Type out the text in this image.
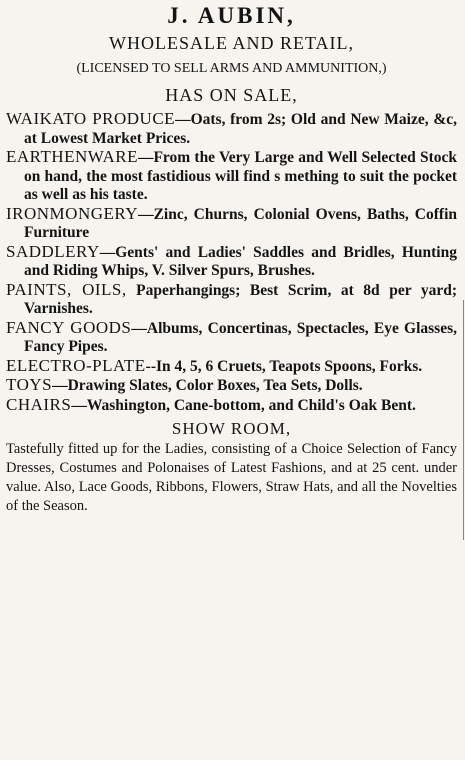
J. AUBIN,

WHOLESALE AND RETAIL,

(LICENSED TO SELL ARMS AND AMMUNITION,)

HAS ON SALE,

WAIKATO PRODUCE—Oats, from 2s; Old and New Maize, &c, at Lowest Market Prices.

EARTHENWARE—From the Very Large and Well Selected Stock on hand, the most fastidious will find s mething to suit the pocket as well as his taste.

IRONMONGERY—Zinc, Churns, Colonial Ovens, Baths, Coffin Furniture

SADDLERY—Gents' and Ladies' Saddles and Bridles, Hunting and Riding Whips, V. Silver Spurs, Brushes.

PAINTS, OILS, Paperhangings; Best Scrim, at 8d per yard; Varnishes.

FANCY GOODS—Albums, Concertinas, Spectacles, Eye Glasses, Fancy Pipes.

ELECTRO-PLATE--In 4, 5, 6 Cruets, Teapots Spoons, Forks.

TOYS—Drawing Slates, Color Boxes, Tea Sets, Dolls.

CHAIRS—Washington, Cane-bottom, and Child's Oak Bent.

SHOW ROOM,

Tastefully fitted up for the Ladies, consisting of a Choice Selection of Fancy Dresses, Costumes and Polonaises of Latest Fashions, and at 25 cent. under value. Also, Lace Goods, Ribbons, Flowers, Straw Hats, and all the Novelties of the Season.
